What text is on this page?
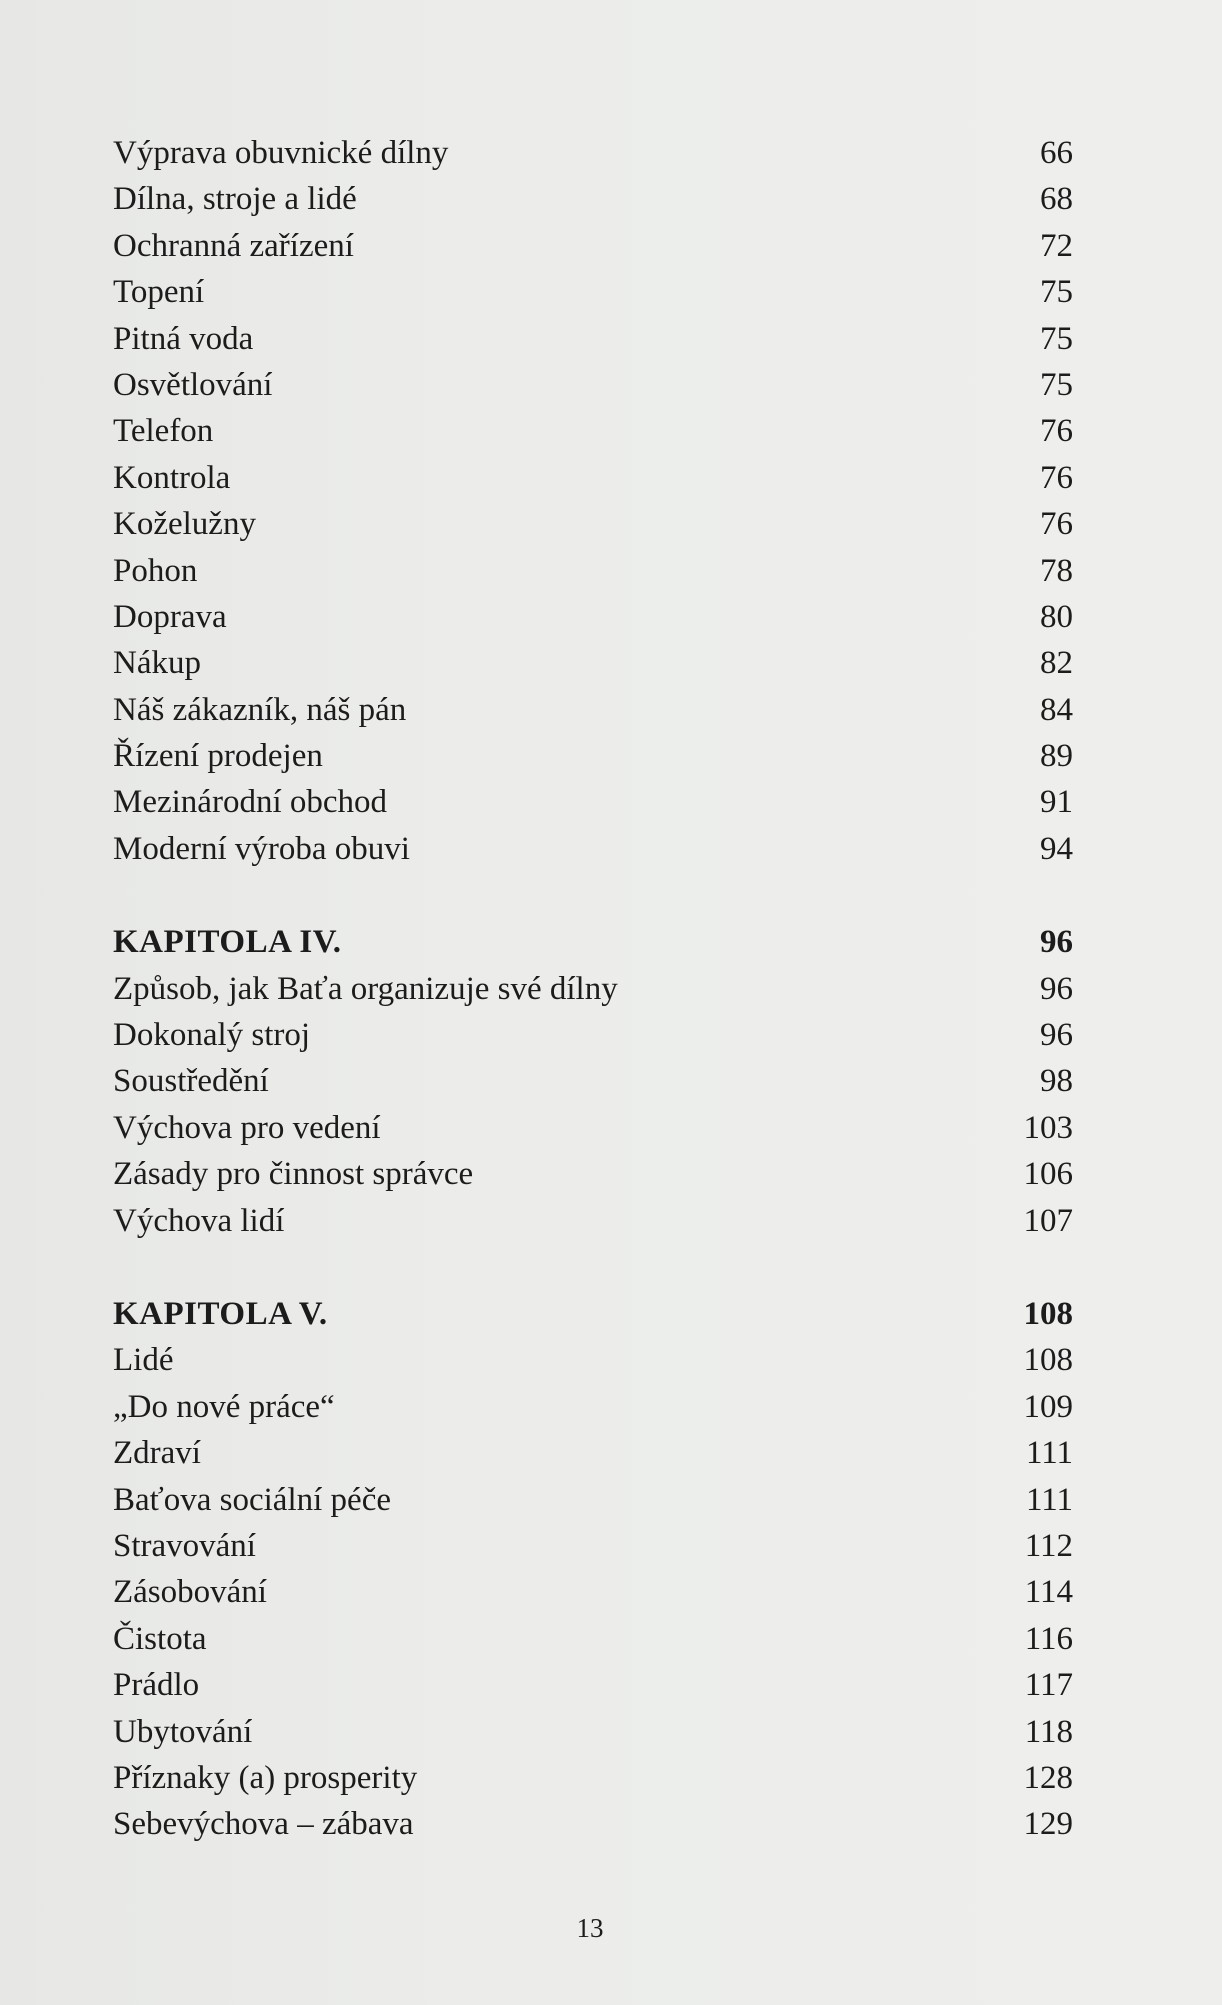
Výprava obuvnické dílny	66
Dílna, stroje a lidé	68
Ochranná zařízení	72
Topení	75
Pitná voda	75
Osvětlování	75
Telefon	76
Kontrola	76
Koželužny	76
Pohon	78
Doprava	80
Nákup	82
Náš zákazník, náš pán	84
Řízení prodejen	89
Mezinárodní obchod	91
Moderní výroba obuvi	94
KAPITOLA IV.	96
Způsob, jak Baťa organizuje své dílny	96
Dokonalý stroj	96
Soustředění	98
Výchova pro vedení	103
Zásady pro činnost správce	106
Výchova lidí	107
KAPITOLA V.	108
Lidé	108
„Do nové práce“	109
Zdraví	111
Baťova sociální péče	111
Stravování	112
Zásobování	114
Čistota	116
Prádlo	117
Ubytování	118
Příznaky (a) prosperity	128
Sebevýchova – zábava	129
13
